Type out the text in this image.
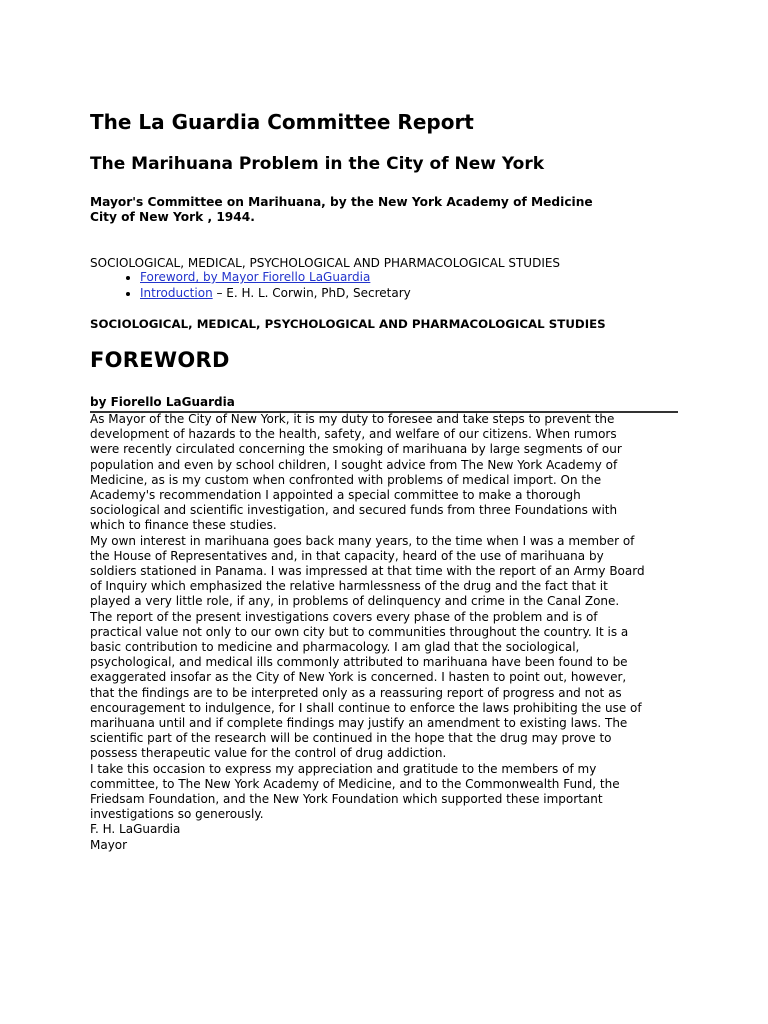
The La Guardia Committee Report
The Marihuana Problem in the City of New York
Mayor's Committee on Marihuana, by the New York Academy of Medicine
City of New York , 1944.
SOCIOLOGICAL, MEDICAL, PSYCHOLOGICAL AND PHARMACOLOGICAL STUDIES
• Foreword, by Mayor Fiorello LaGuardia
• Introduction – E. H. L. Corwin, PhD, Secretary
SOCIOLOGICAL, MEDICAL, PSYCHOLOGICAL AND PHARMACOLOGICAL STUDIES
FOREWORD
by Fiorello LaGuardia
As Mayor of the City of New York, it is my duty to foresee and take steps to prevent the
development of hazards to the health, safety, and welfare of our citizens. When rumors
were recently circulated concerning the smoking of marihuana by large segments of our
population and even by school children, I sought advice from The New York Academy of
Medicine, as is my custom when confronted with problems of medical import. On the
Academy's recommendation I appointed a special committee to make a thorough
sociological and scientific investigation, and secured funds from three Foundations with
which to finance these studies.
My own interest in marihuana goes back many years, to the time when I was a member of
the House of Representatives and, in that capacity, heard of the use of marihuana by
soldiers stationed in Panama. I was impressed at that time with the report of an Army Board
of Inquiry which emphasized the relative harmlessness of the drug and the fact that it
played a very little role, if any, in problems of delinquency and crime in the Canal Zone.
The report of the present investigations covers every phase of the problem and is of
practical value not only to our own city but to communities throughout the country. It is a
basic contribution to medicine and pharmacology. I am glad that the sociological,
psychological, and medical ills commonly attributed to marihuana have been found to be
exaggerated insofar as the City of New York is concerned. I hasten to point out, however,
that the findings are to be interpreted only as a reassuring report of progress and not as
encouragement to indulgence, for I shall continue to enforce the laws prohibiting the use of
marihuana until and if complete findings may justify an amendment to existing laws. The
scientific part of the research will be continued in the hope that the drug may prove to
possess therapeutic value for the control of drug addiction.
I take this occasion to express my appreciation and gratitude to the members of my
committee, to The New York Academy of Medicine, and to the Commonwealth Fund, the
Friedsam Foundation, and the New York Foundation which supported these important
investigations so generously.
F. H. LaGuardia
Mayor
